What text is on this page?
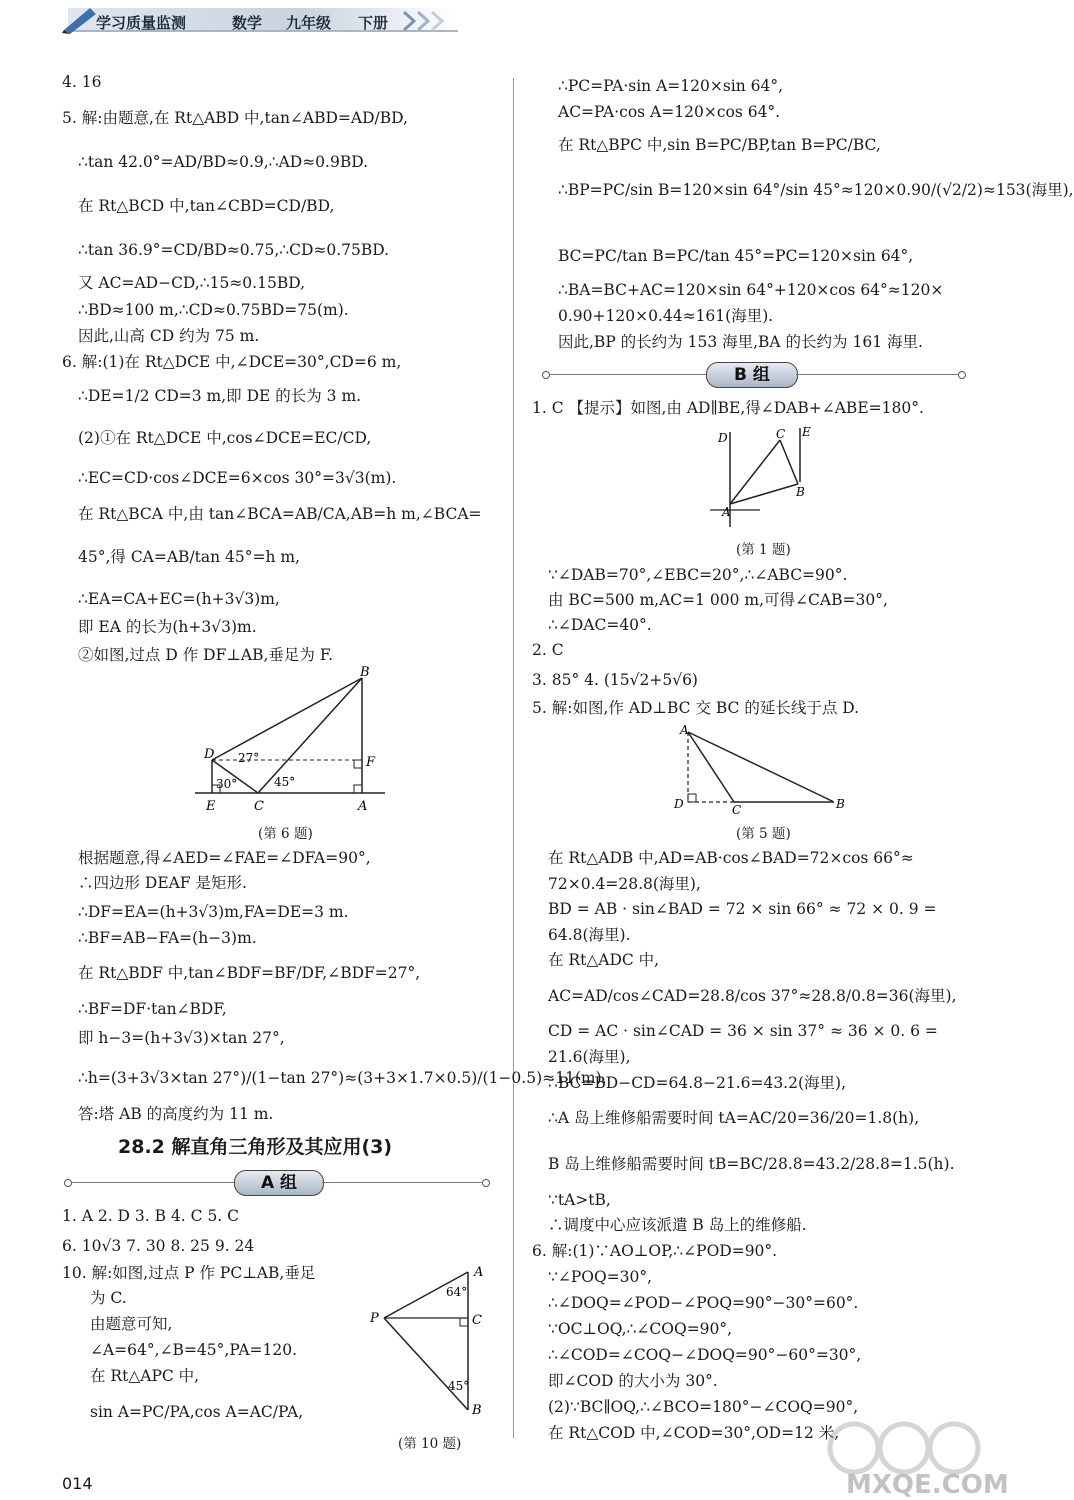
学习质量监测	数学 九年级 下册
4. 16
5. 解:由题意,在 Rt△ABD 中,tan∠ABD=AD/BD,
∴tan 42.0°=AD/BD≈0.9,∴AD≈0.9BD.
在 Rt△BCD 中,tan∠CBD=CD/BD,
∴tan 36.9°=CD/BD≈0.75,∴CD≈0.75BD.
又 AC=AD−CD,∴15≈0.15BD,
∴BD≈100 m,∴CD≈0.75BD=75(m).
因此,山高 CD 约为 75 m.
6. 解:(1)在 Rt△DCE 中,∠DCE=30°,CD=6 m,
∴DE=1/2 CD=3 m,即 DE 的长为 3 m.
(2)①在 Rt△DCE 中,cos∠DCE=EC/CD,
∴EC=CD·cos∠DCE=6×cos 30°=3√3(m).
在 Rt△BCA 中,由 tan∠BCA=AB/CA,AB=h m,∠BCA=
45°,得 CA=AB/tan 45°=h m,
∴EA=CA+EC=(h+3√3)m,
即 EA 的长为(h+3√3)m.
②如图,过点 D 作 DF⊥AB,垂足为 F.
D
B
F
E	C	A
27°
30°	45°
(第 6 题)
根据题意,得∠AED=∠FAE=∠DFA=90°,
∴四边形 DEAF 是矩形.
∴DF=EA=(h+3√3)m,FA=DE=3 m.
∴BF=AB−FA=(h−3)m.
在 Rt△BDF 中,tan∠BDF=BF/DF,∠BDF=27°,
∴BF=DF·tan∠BDF,
即 h−3=(h+3√3)×tan 27°,
∴h=(3+3√3×tan 27°)/(1−tan 27°)≈(3+3×1.7×0.5)/(1−0.5)≈11(m).
答:塔 AB 的高度约为 11 m.
28.2 解直角三角形及其应用(3)
A 组
1. A 2. D 3. B 4. C 5. C
6. 10√3 7. 30 8. 25 9. 24
10. 解:如图,过点 P 作 PC⊥AB,垂足
为 C.
由题意可知,
∠A=64°,∠B=45°,PA=120.
在 Rt△APC 中,
sin A=PC/PA,cos A=AC/PA,
A
C
B
P
64°
45°
(第 10 题)
∴PC=PA·sin A=120×sin 64°,
AC=PA·cos A=120×cos 64°.
在 Rt△BPC 中,sin B=PC/BP,tan B=PC/BC,
∴BP=PC/sin B=120×sin 64°/sin 45°≈120×0.90/(√2/2)≈153(海里),
BC=PC/tan B=PC/tan 45°=PC=120×sin 64°,
∴BA=BC+AC=120×sin 64°+120×cos 64°≈120×
0.90+120×0.44≈161(海里).
因此,BP 的长约为 153 海里,BA 的长约为 161 海里.
B 组
1. C 【提示】如图,由 AD∥BE,得∠DAB+∠ABE=180°.
D	C E
B
A
(第 1 题)
∵∠DAB=70°,∠EBC=20°,∴∠ABC=90°.
由 BC=500 m,AC=1 000 m,可得∠CAB=30°,
∴∠DAC=40°.
2. C
3. 85° 4. (15√2+5√6)
5. 解:如图,作 AD⊥BC 交 BC 的延长线于点 D.
A
D	C	B
(第 5 题)
在 Rt△ADB 中,AD=AB·cos∠BAD=72×cos 66°≈
72×0.4=28.8(海里),
BD = AB · sin∠BAD = 72 × sin 66° ≈ 72 × 0. 9 =
64.8(海里).
在 Rt△ADC 中,
AC=AD/cos∠CAD=28.8/cos 37°≈28.8/0.8=36(海里),
CD = AC · sin∠CAD = 36 × sin 37° ≈ 36 × 0. 6 =
21.6(海里),
∴BC=BD−CD=64.8−21.6=43.2(海里),
∴A 岛上维修船需要时间 tA=AC/20=36/20=1.8(h),
B 岛上维修船需要时间 tB=BC/28.8=43.2/28.8=1.5(h).
∵tA>tB,
∴调度中心应该派遣 B 岛上的维修船.
6. 解:(1)∵AO⊥OP,∴∠POD=90°.
∵∠POQ=30°,
∴∠DOQ=∠POD−∠POQ=90°−30°=60°.
∵OC⊥OQ,∴∠COQ=90°,
∴∠COD=∠COQ−∠DOQ=90°−60°=30°,
即∠COD 的大小为 30°.
(2)∵BC∥OQ,∴∠BCO=180°−∠COQ=90°,
在 Rt△COD 中,∠COD=30°,OD=12 米,
014	MXQE.COM
